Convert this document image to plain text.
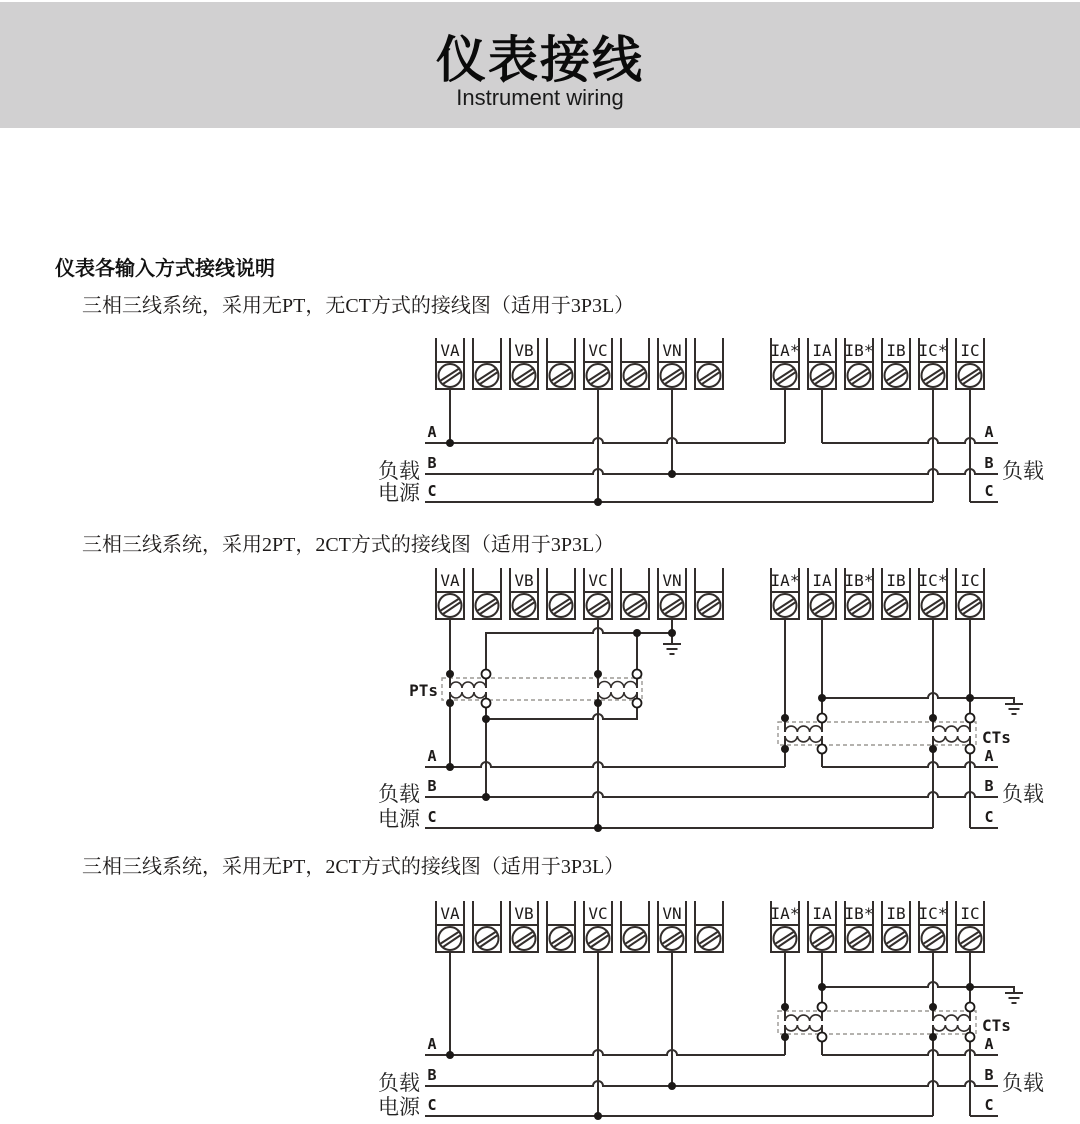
仪表接线

Instrument wiring

仪表各输入方式接线说明
三相三线系统，采用无PT，无CT方式的接线图（适用于3P3L）
三相三线系统，采用2PT，2CT方式的接线图（适用于3P3L）
三相三线系统，采用无PT，2CT方式的接线图（适用于3P3L）
VA	VB	VC	VN	IA* IA IB* IB IC* IC
A
B
C
A
B
C
负载
电源
负载
VA	VB	VC	VN	IA* IA IB* IB IC* IC
PTs
CTs
A
B
C
A
B
C
负载
电源
负载
VA	VB	VC	VN	IA* IA IB* IB IC* IC
CTs
A
B
C
A
B
C
负载
电源
负载
